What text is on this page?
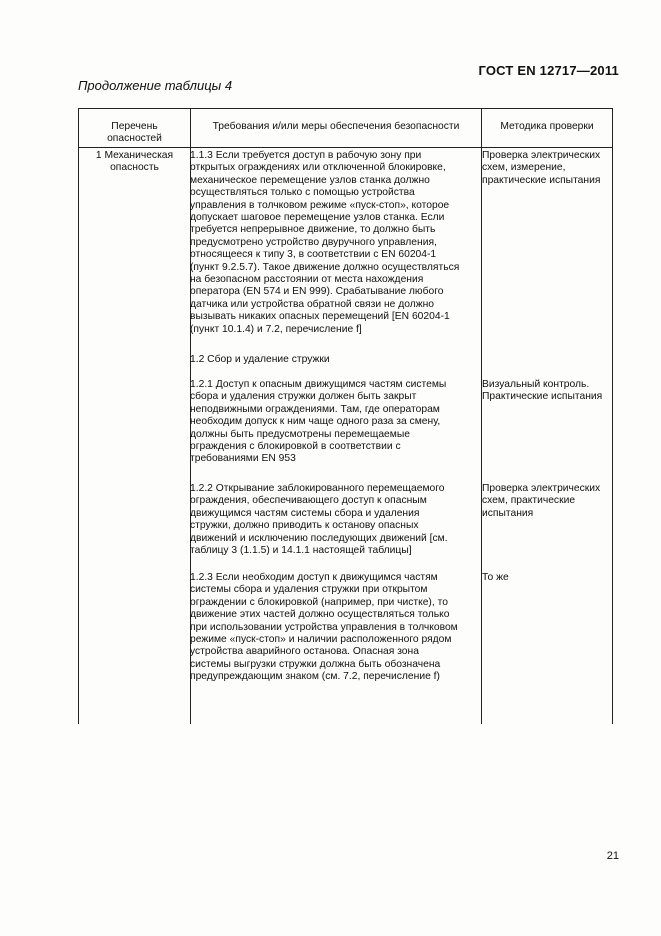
ГОСТ EN 12717—2011
Продолжение таблицы 4
Перечень
опасностей
Требования и/или меры обеспечения безопасности	Методика проверки
1 Механическая
опасность
1.1.3 Если требуется доступ в рабочую зону при
открытых ограждениях или отключенной блокировке,
механическое перемещение узлов станка должно
осуществляться только с помощью устройства
управления в толчковом режиме «пуск-стоп», которое
допускает шаговое перемещение узлов станка. Если
требуется непрерывное движение, то должно быть
предусмотрено устройство двуручного управления,
относящееся к типу 3, в соответствии с EN 60204-1
(пункт 9.2.5.7). Такое движение должно осуществляться
на безопасном расстоянии от места нахождения
оператора (EN 574 и EN 999). Срабатывание любого
датчика или устройства обратной связи не должно
вызывать никаких опасных перемещений [EN 60204-1
(пункт 10.1.4) и 7.2, перечисление f]
1.2 Сбор и удаление стружки
1.2.1 Доступ к опасным движущимся частям системы
сбора и удаления стружки должен быть закрыт
неподвижными ограждениями. Там, где операторам
необходим допуск к ним чаще одного раза за смену,
должны быть предусмотрены перемещаемые
ограждения с блокировкой в соответствии с
требованиями EN 953
1.2.2 Открывание заблокированного перемещаемого
ограждения, обеспечивающего доступ к опасным
движущимся частям системы сбора и удаления
стружки, должно приводить к останову опасных
движений и исключению последующих движений [см.
таблицу 3 (1.1.5) и 14.1.1 настоящей таблицы]
1.2.3 Если необходим доступ к движущимся частям
системы сбора и удаления стружки при открытом
ограждении с блокировкой (например, при чистке), то
движение этих частей должно осуществляться только
при использовании устройства управления в толчковом
режиме «пуск-стоп» и наличии расположенного рядом
устройства аварийного останова. Опасная зона
системы выгрузки стружки должна быть обозначена
предупреждающим знаком (см. 7.2, перечисление f)
Проверка электрических
схем, измерение,
практические испытания
Визуальный контроль.
Практические испытания
Проверка электрических
схем, практические
испытания
То же
21
